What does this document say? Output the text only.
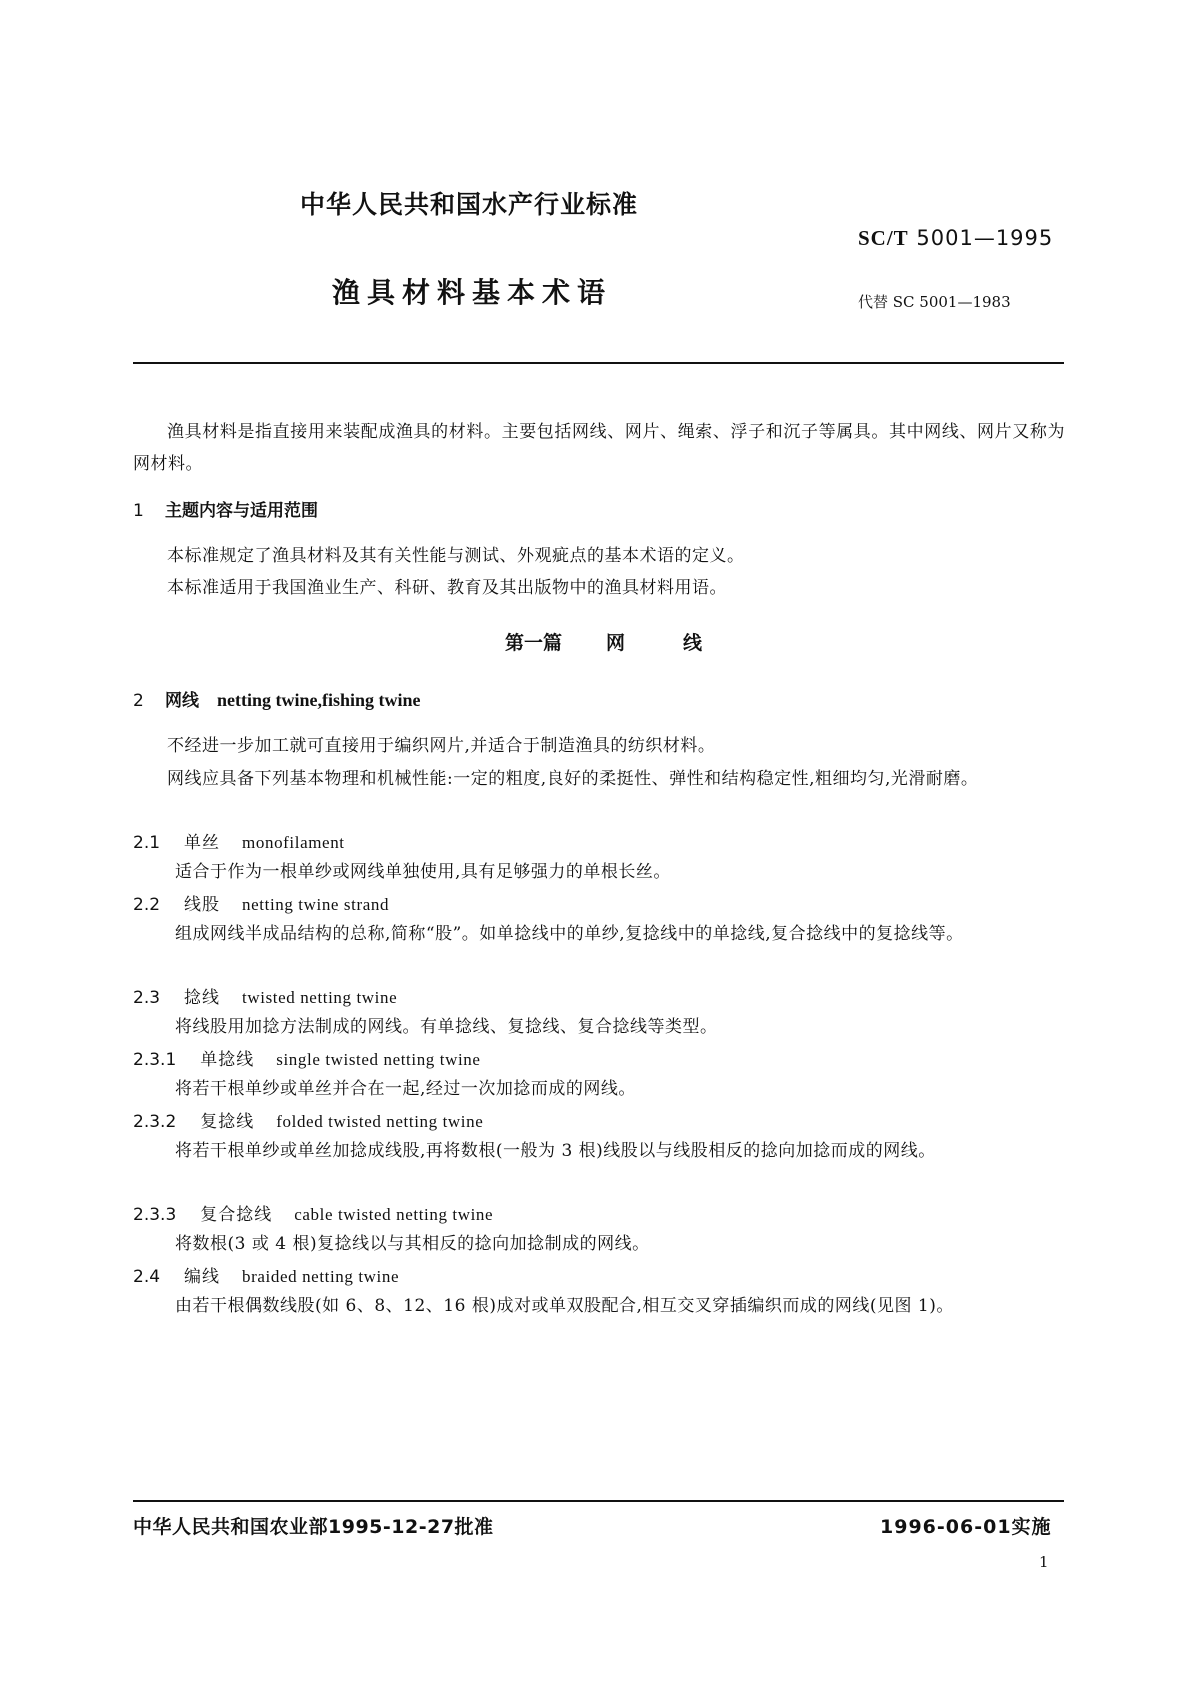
中华人民共和国水产行业标准
SC/T 5001—1995
渔具材料基本术语	代替 SC 5001—1983
渔具材料是指直接用来装配成渔具的材料。主要包括网线、网片、绳索、浮子和沉子等属具。其中网线、网片又称为网材料。
1 主题内容与适用范围
本标准规定了渔具材料及其有关性能与测试、外观疵点的基本术语的定义。
本标准适用于我国渔业生产、科研、教育及其出版物中的渔具材料用语。
第一篇 网	线
2 网线 netting twine,fishing twine
不经进一步加工就可直接用于编织网片,并适合于制造渔具的纺织材料。
网线应具备下列基本物理和机械性能:一定的粗度,良好的柔挺性、弹性和结构稳定性,粗细均匀,光滑耐磨。
2.1 单丝 monofilament
适合于作为一根单纱或网线单独使用,具有足够强力的单根长丝。
2.2 线股 netting twine strand
组成网线半成品结构的总称,简称“股”。如单捻线中的单纱,复捻线中的单捻线,复合捻线中的复捻线等。
2.3 捻线 twisted netting twine
将线股用加捻方法制成的网线。有单捻线、复捻线、复合捻线等类型。
2.3.1 单捻线 single twisted netting twine
将若干根单纱或单丝并合在一起,经过一次加捻而成的网线。
2.3.2 复捻线 folded twisted netting twine
将若干根单纱或单丝加捻成线股,再将数根(一般为 3 根)线股以与线股相反的捻向加捻而成的网线。
2.3.3 复合捻线 cable twisted netting twine
将数根(3 或 4 根)复捻线以与其相反的捻向加捻制成的网线。
2.4 编线 braided netting twine
由若干根偶数线股(如 6、8、12、16 根)成对或单双股配合,相互交叉穿插编织而成的网线(见图 1)。
中华人民共和国农业部1995-12-27批准	1996-06-01实施
1
